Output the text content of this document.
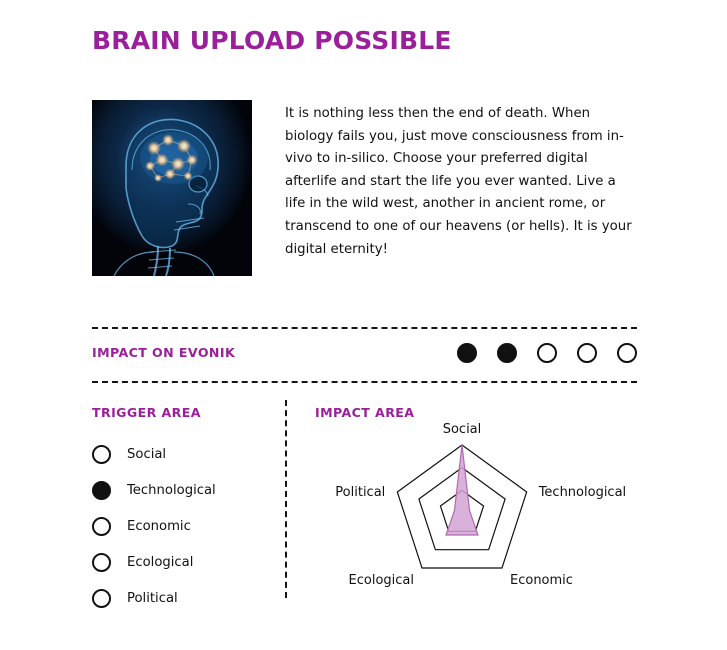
BRAIN UPLOAD POSSIBLE
It is nothing less then the end of death. When biology fails you, just move consciousness from in-vivo to in-silico. Choose your preferred digital afterlife and start the life you ever wanted. Live a life in the wild west, another in ancient rome, or transcend to one of our heavens (or hells). It is your digital eternity!
IMPACT ON EVONIK
TRIGGER AREA	IMPACT AREA
Social
Technological
Economic
Ecological
Political
Social
Technological
Economic
Ecological
Political
